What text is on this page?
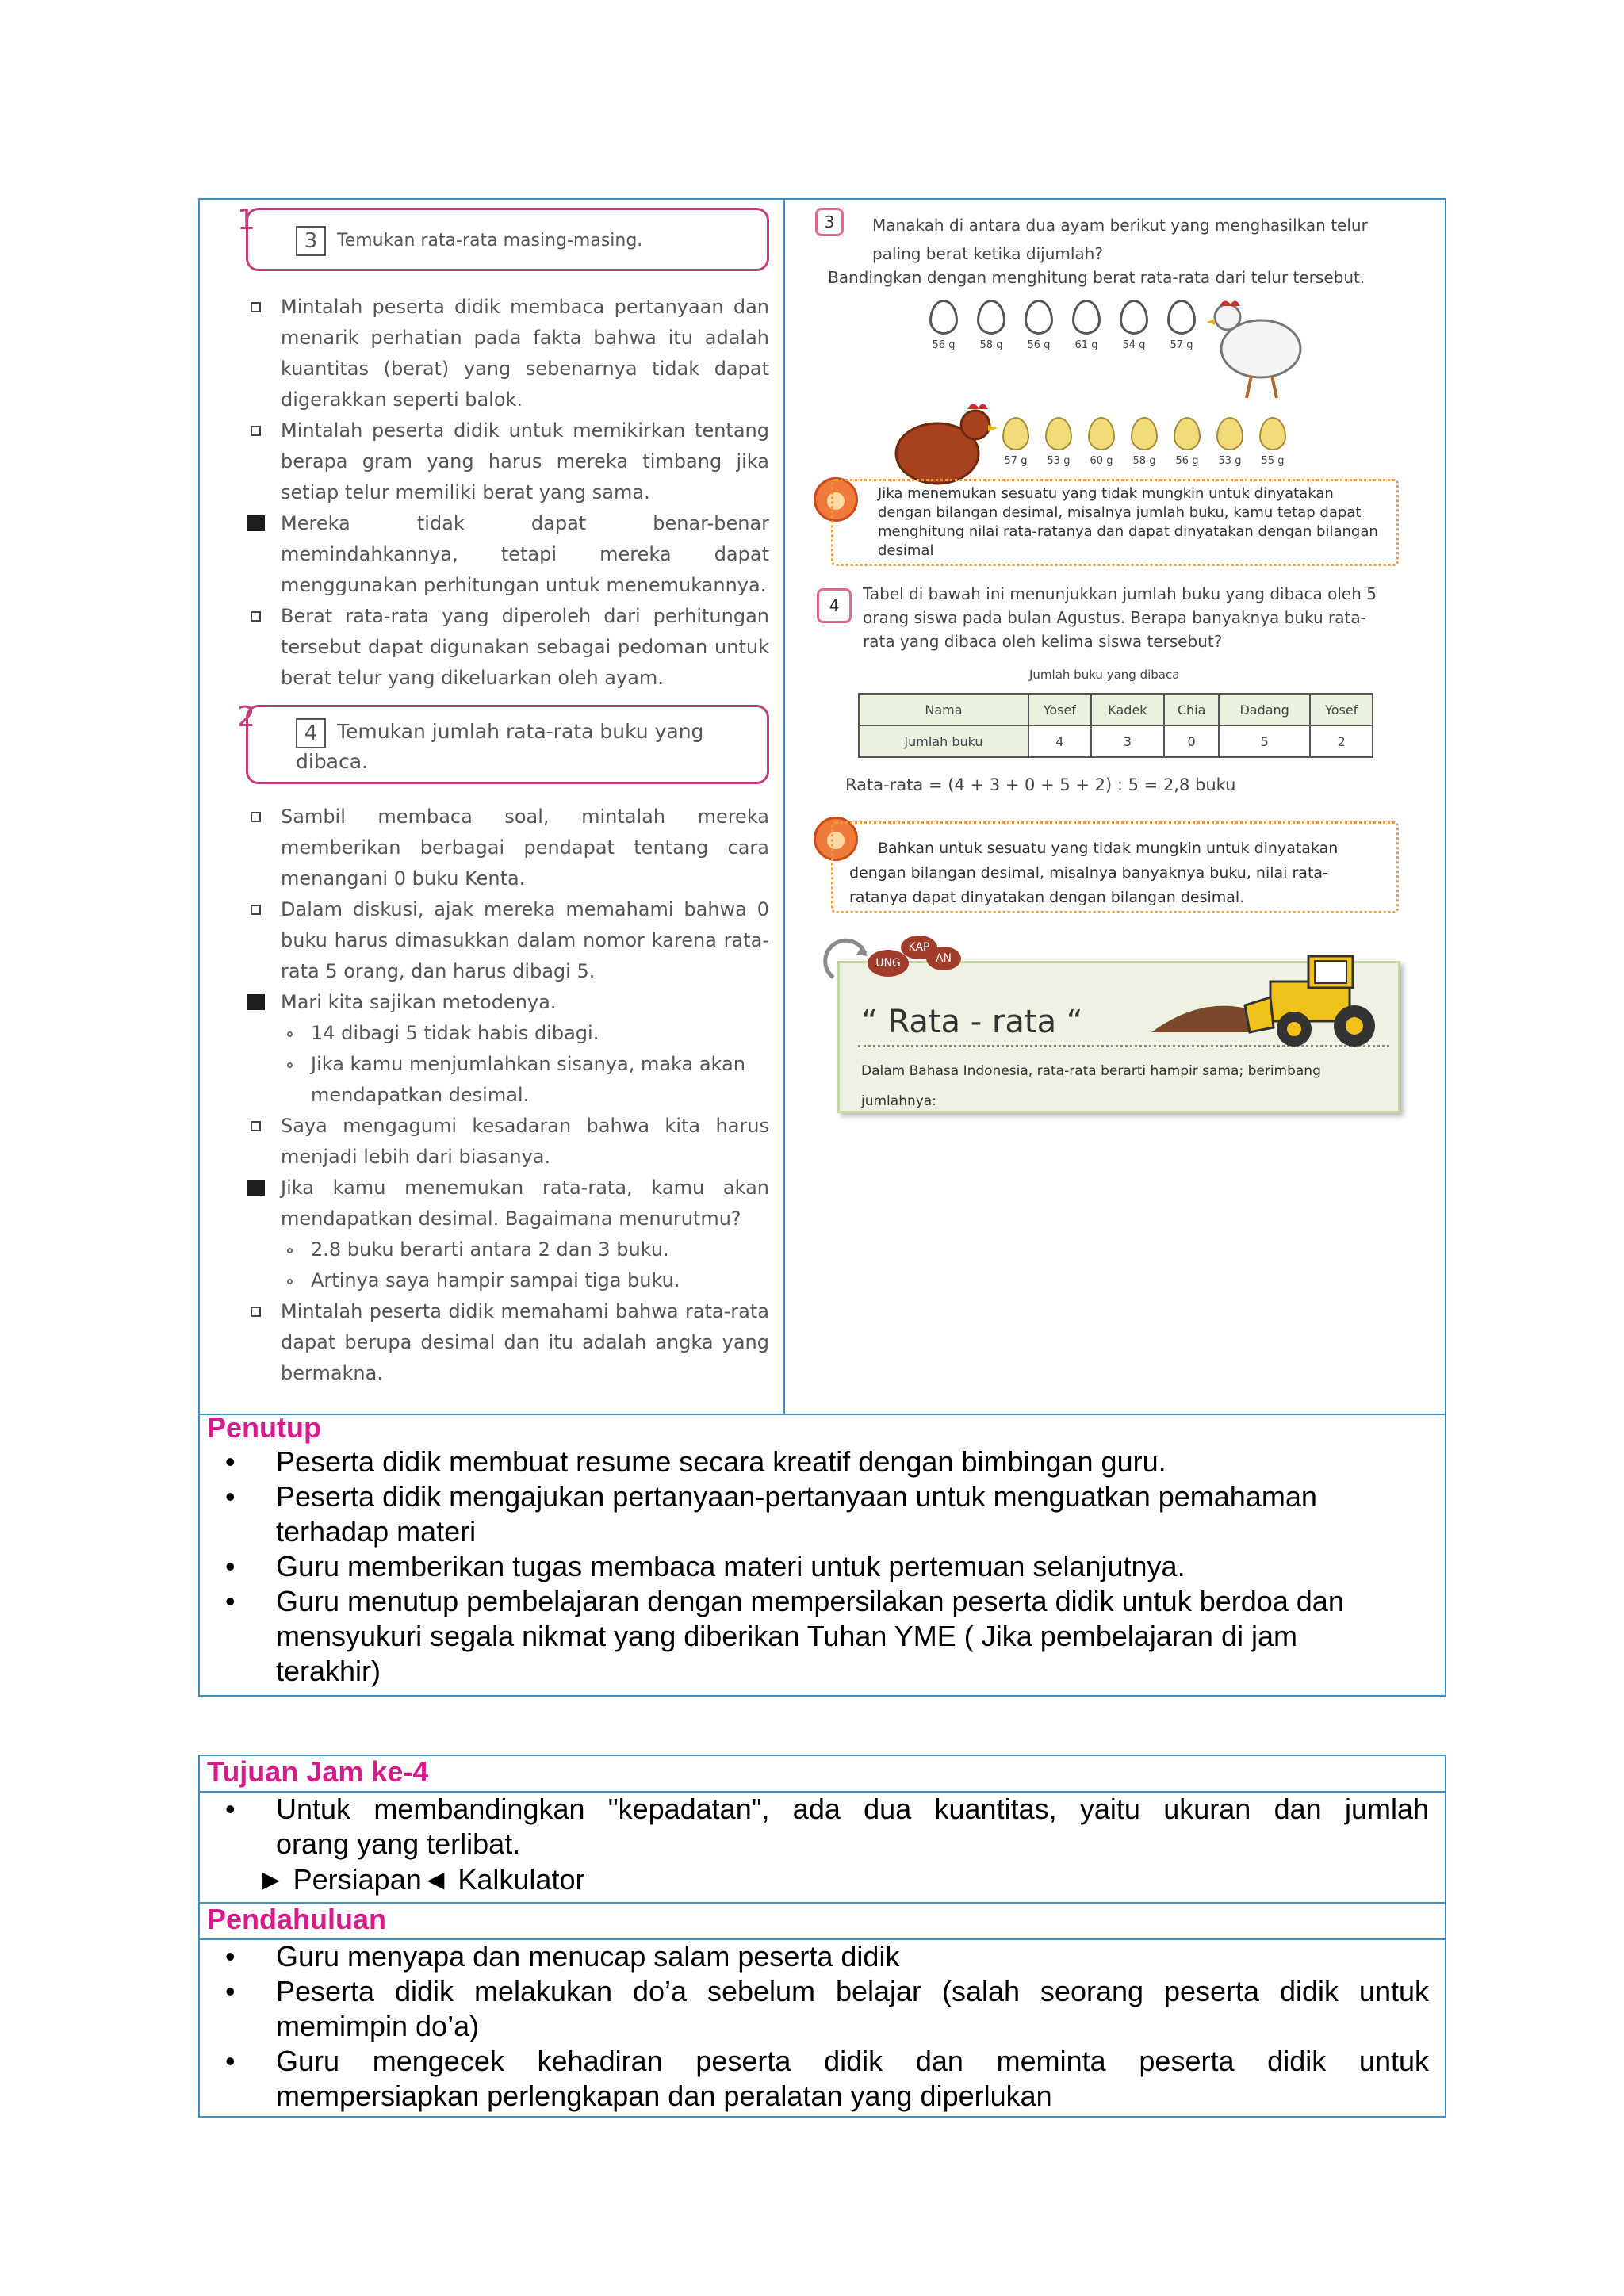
1
3	Temukan rata-rata masing-masing.

Mintalah peserta didik membaca pertanyaan dan menarik perhatian pada fakta bahwa itu adalah kuantitas (berat) yang sebenarnya tidak dapat digerakkan seperti balok.

Mintalah peserta didik untuk memikirkan tentang berapa gram yang harus mereka timbang jika setiap telur memiliki berat yang sama.

Mereka tidak dapat benar-benar memindahkannya, tetapi mereka dapat menggunakan perhitungan untuk menemukannya.

Berat rata-rata yang diperoleh dari perhitungan tersebut dapat digunakan sebagai pedoman untuk berat telur yang dikeluarkan oleh ayam.

2	4 Temukan jumlah rata-rata buku yang
dibaca.

Sambil membaca soal, mintalah mereka memberikan berbagai pendapat tentang cara menangani 0 buku Kenta.

Dalam diskusi, ajak mereka memahami bahwa 0 buku harus dimasukkan dalam nomor karena rata-rata 5 orang, dan harus dibagi 5.

Mari kita sajikan metodenya.

14 dibagi 5 tidak habis dibagi.

Jika kamu menjumlahkan sisanya, maka akan mendapatkan desimal.

Saya mengagumi kesadaran bahwa kita harus menjadi lebih dari biasanya.

Jika kamu menemukan rata-rata, kamu akan mendapatkan desimal. Bagaimana menurutmu?

2.8 buku berarti antara 2 dan 3 buku.

Artinya saya hampir sampai tiga buku.

Mintalah peserta didik memahami bahwa rata-rata dapat berupa desimal dan itu adalah angka yang bermakna.

3	Manakah di antara dua ayam berikut yang menghasilkan telur
paling berat ketika dijumlah?
Bandingkan dengan menghitung berat rata-rata dari telur tersebut.
56 g	58 g	56 g	61 g	54 g	57 g
57 g	53 g	60 g	58 g	56 g	53 g	55 g
Jika menemukan sesuatu yang tidak mungkin untuk dinyatakan dengan bilangan desimal, misalnya jumlah buku, kamu tetap dapat menghitung nilai rata-ratanya dan dapat dinyatakan dengan bilangan desimal
4
Tabel di bawah ini menunjukkan jumlah buku yang dibaca oleh 5
orang siswa pada bulan Agustus. Berapa banyaknya buku rata-
rata yang dibaca oleh kelima siswa tersebut?
Jumlah buku yang dibaca
Nama	Yosef	Kadek	Chia	Dadang	Yosef
Jumlah buku	4	3	0	5	2
Rata-rata = (4 + 3 + 0 + 5 + 2) : 5 = 2,8 buku
Bahkan untuk sesuatu yang tidak mungkin untuk dinyatakan
dengan bilangan desimal, misalnya banyaknya buku, nilai rata-
ratanya dapat dinyatakan dengan bilangan desimal.
UNG
KAP
AN
“ Rata - rata “
Dalam Bahasa Indonesia, rata-rata berarti hampir sama; berimbang
jumlahnya:
Penutup
• Peserta didik membuat resume secara kreatif dengan bimbingan guru.
• Peserta didik mengajukan pertanyaan-pertanyaan untuk menguatkan pemahaman
terhadap materi
• Guru memberikan tugas membaca materi untuk pertemuan selanjutnya.
• Guru menutup pembelajaran dengan mempersilakan peserta didik untuk berdoa dan
mensyukuri segala nikmat yang diberikan Tuhan YME ( Jika pembelajaran di jam
terakhir)
Tujuan Jam ke-4
• Untuk membandingkan "kepadatan", ada dua kuantitas, yaitu ukuran dan jumlah
orang yang terlibat.
► Persiapan◄ Kalkulator
Pendahuluan
• Guru menyapa dan menucap salam peserta didik
• Peserta didik melakukan do’a sebelum belajar (salah seorang peserta didik untuk
memimpin do’a)
• Guru mengecek kehadiran peserta didik dan meminta peserta didik untuk
mempersiapkan perlengkapan dan peralatan yang diperlukan
